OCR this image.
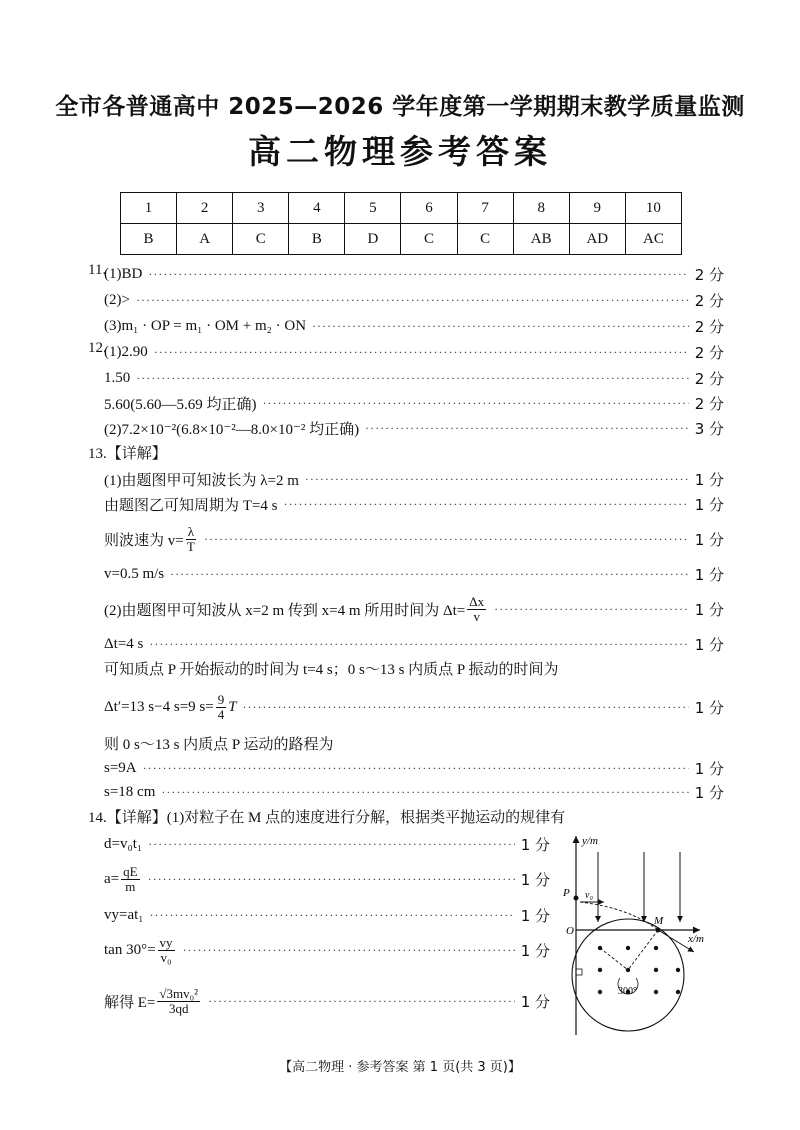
全市各普通高中 2025—2026 学年度第一学期期末教学质量监测
高二物理参考答案
1	2	3	4	5	6	7	8	9	10
B	A	C	B	D	C	C	AB	AD	AC
11.
(1)BD ·····	2 分
(2)> ·····	2 分
(3)m₁ · OP = m₁ · OM + m₂ · ON ·····	2 分
12.
(1)2.90 ·····	2 分
1.50 ·····	2 分
5.60(5.60—5.69 均正确) ·····	2 分
(2)7.2×10⁻²(6.8×10⁻²—8.0×10⁻² 均正确) ·····	3 分
13.【详解】
(1)由题图甲可知波长为 λ=2 m ·····	1 分
由题图乙可知周期为 T=4 s ·····	1 分
则波速为 $v= \frac{\lambda}{T}$ ·····	1 分
v=0.5 m/s ·····	1 分
(2)由题图甲可知波从 x=2 m 传到 x=4 m 所用时间为 $\Delta t= \frac{\Delta x}{v}$ ·····	1 分
Δt=4 s ·····	1 分
可知质点 P 开始振动的时间为 t=4 s；0 s～13 s 内质点 P 振动的时间为
Δt′=13 s−4 s=9 $s= \frac{9}{4}$ T ·····	1 分
则 0 s～13 s 内质点 P 运动的路程为
s=9A ·····	1 分
s=18 cm ·····	1 分
14.【详解】(1)对粒子在 M 点的速度进行分解，根据类平抛运动的规律有
d=v₀t₁ ·····	1 分
$a= \frac{qE}{m}$ ·····	1 分
vy=at₁ ·····	1 分
$\tan 30^\circ= \frac{vy}{\text{v₀}}$ ·····	1 分
解得 $E= \frac{\text{√3mv₀²}}{3qd}$ ·····	1 分
y/m
x/m
O
P v₀
M
300°
【高二物理 · 参考答案 第 1 页(共 3 页)】
